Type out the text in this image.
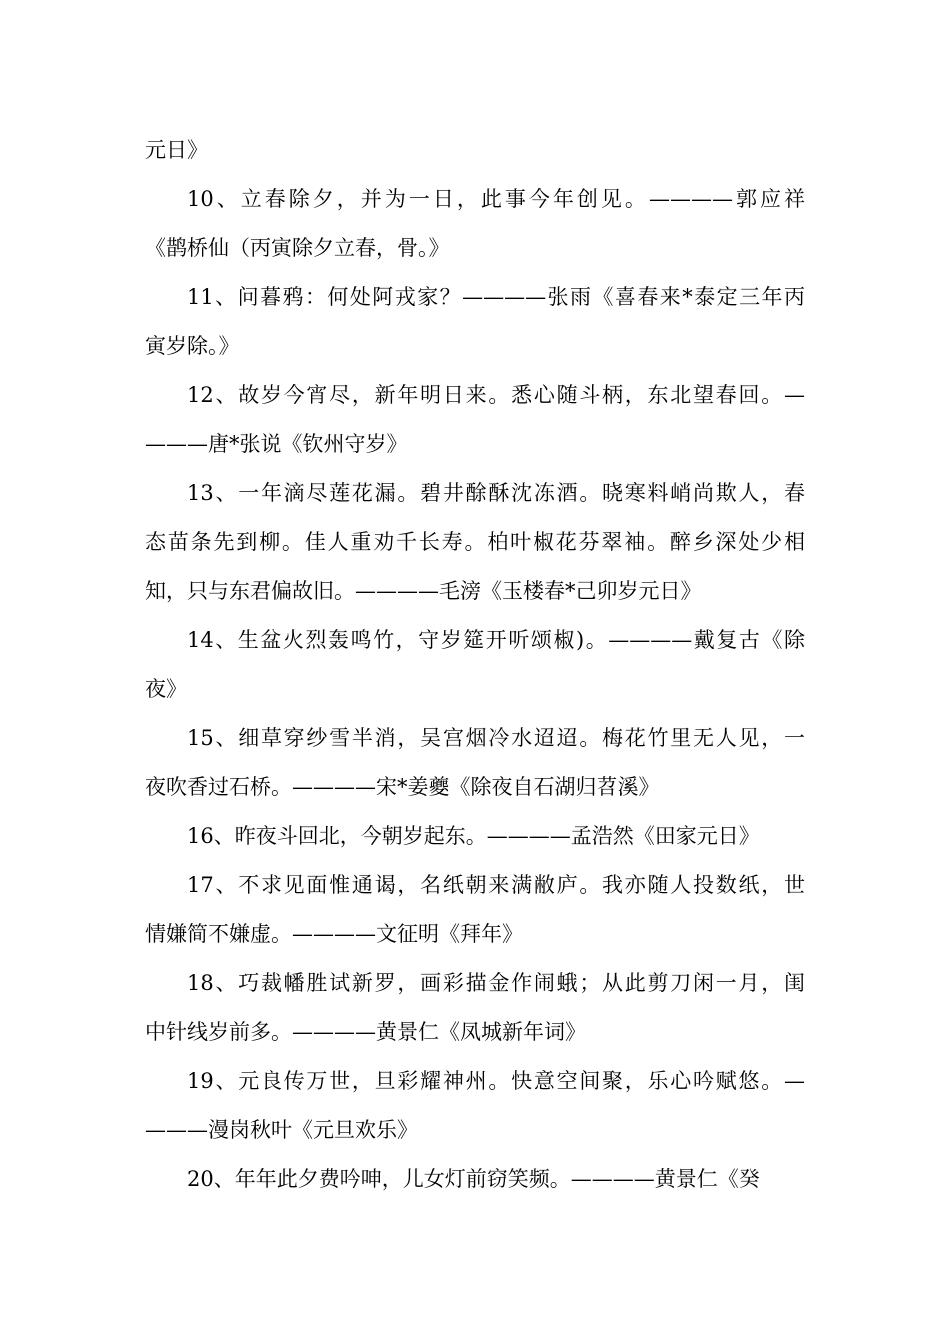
元日》
10、立春除夕，并为一日，此事今年创见。————郭应祥
《鹊桥仙（丙寅除夕立春，骨。》
11、问暮鸦：何处阿戎家？————张雨《喜春来*泰定三年丙
寅岁除。》
12、故岁今宵尽，新年明日来。悉心随斗柄，东北望春回。—
———唐*张说《钦州守岁》
13、一年滴尽莲花漏。碧井酴酥沈冻酒。晓寒料峭尚欺人，春
态苗条先到柳。佳人重劝千长寿。柏叶椒花芬翠袖。醉乡深处少相
知，只与东君偏故旧。————毛滂《玉楼春*己卯岁元日》
14、生盆火烈轰鸣竹，守岁筵开听颂椒)。————戴复古《除
夜》
15、细草穿纱雪半消，吴宫烟冷水迢迢。梅花竹里无人见，一
夜吹香过石桥。————宋*姜夔《除夜自石湖归苕溪》
16、昨夜斗回北，今朝岁起东。————孟浩然《田家元日》
17、不求见面惟通谒，名纸朝来满敝庐。我亦随人投数纸，世
情嫌简不嫌虚。————文征明《拜年》
18、巧裁幡胜试新罗，画彩描金作闹蛾；从此剪刀闲一月，闺
中针线岁前多。————黄景仁《凤城新年词》
19、元良传万世，旦彩耀神州。快意空间聚，乐心吟赋悠。—
———漫岗秋叶《元旦欢乐》
20、年年此夕费吟呻，儿女灯前窃笑频。————黄景仁《癸
